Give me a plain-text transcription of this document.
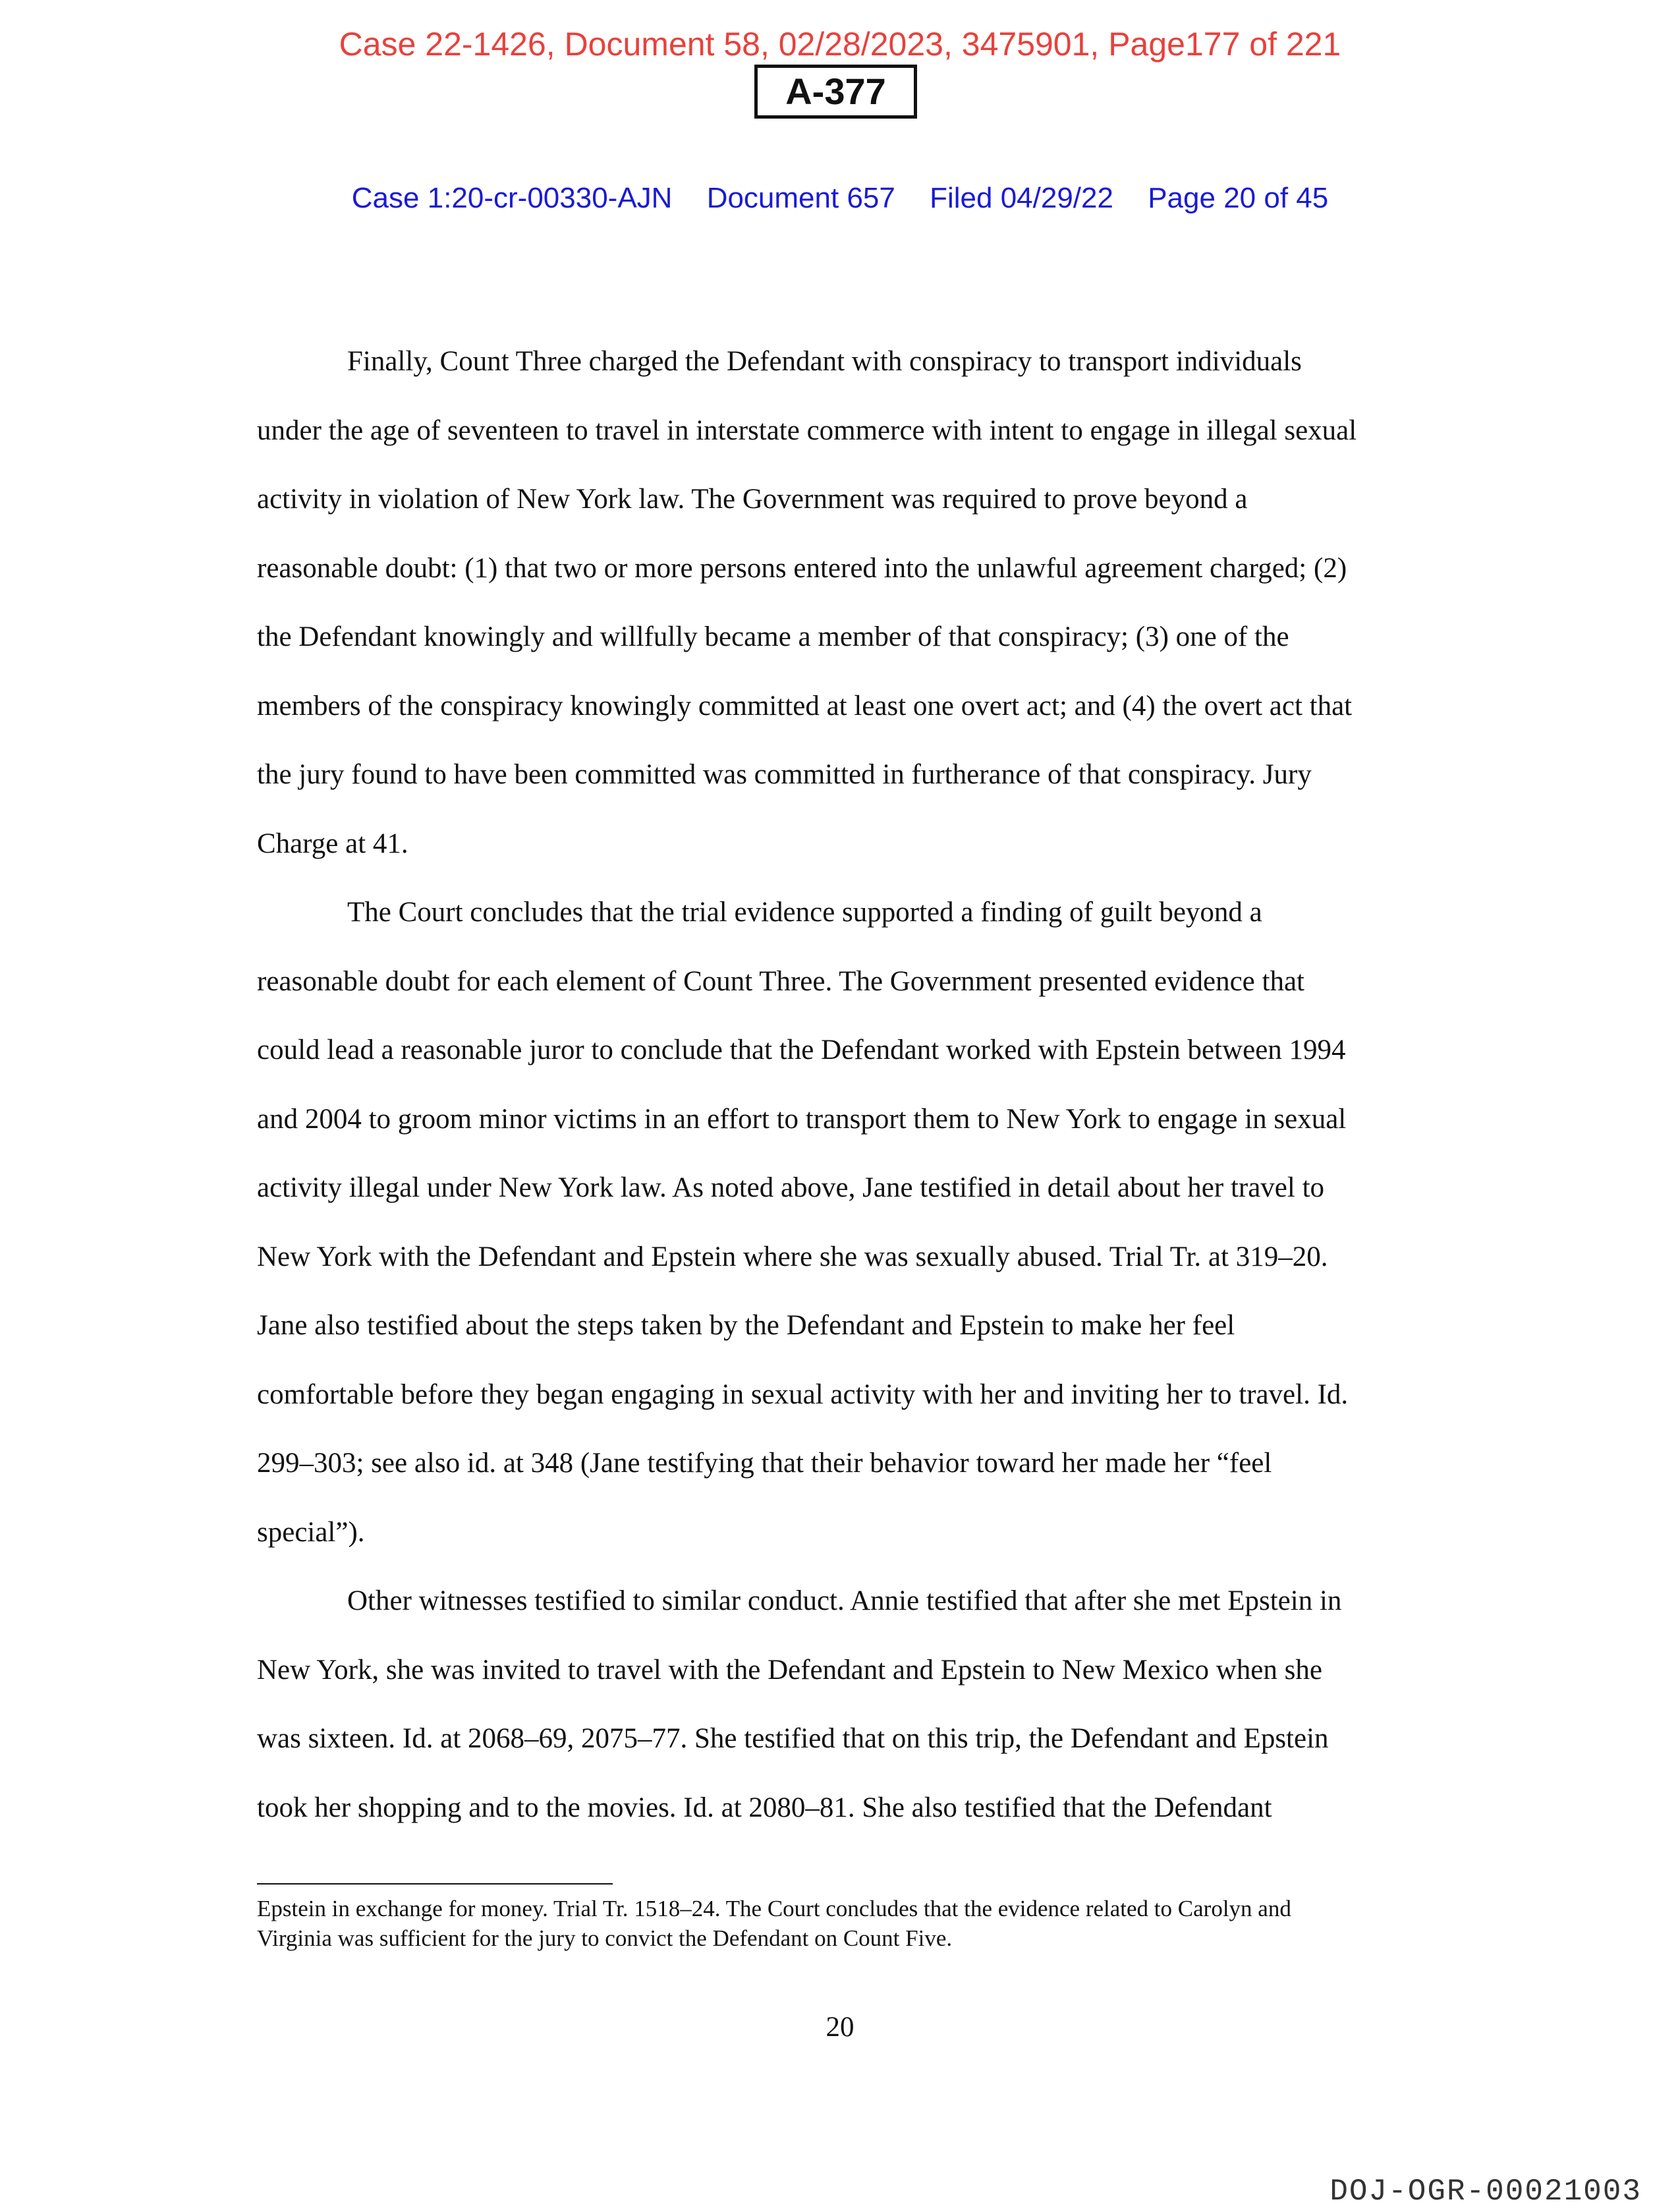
Case 22-1426, Document 58, 02/28/2023, 3475901, Page177 of 221
A-377
Case 1:20-cr-00330-AJN Document 657 Filed 04/29/22 Page 20 of 45

Finally, Count Three charged the Defendant with conspiracy to transport individuals
under the age of seventeen to travel in interstate commerce with intent to engage in illegal sexual
activity in violation of New York law. The Government was required to prove beyond a
reasonable doubt: (1) that two or more persons entered into the unlawful agreement charged; (2)
the Defendant knowingly and willfully became a member of that conspiracy; (3) one of the
members of the conspiracy knowingly committed at least one overt act; and (4) the overt act that
the jury found to have been committed was committed in furtherance of that conspiracy. Jury
Charge at 41.

The Court concludes that the trial evidence supported a finding of guilt beyond a
reasonable doubt for each element of Count Three. The Government presented evidence that
could lead a reasonable juror to conclude that the Defendant worked with Epstein between 1994
and 2004 to groom minor victims in an effort to transport them to New York to engage in sexual
activity illegal under New York law. As noted above, Jane testified in detail about her travel to
New York with the Defendant and Epstein where she was sexually abused. Trial Tr. at 319–20.
Jane also testified about the steps taken by the Defendant and Epstein to make her feel
comfortable before they began engaging in sexual activity with her and inviting her to travel. Id.
299–303; see also id. at 348 (Jane testifying that their behavior toward her made her “feel
special”).

Other witnesses testified to similar conduct. Annie testified that after she met Epstein in
New York, she was invited to travel with the Defendant and Epstein to New Mexico when she
was sixteen. Id. at 2068–69, 2075–77. She testified that on this trip, the Defendant and Epstein
took her shopping and to the movies. Id. at 2080–81. She also testified that the Defendant

Epstein in exchange for money. Trial Tr. 1518–24. The Court concludes that the evidence related to Carolyn and
Virginia was sufficient for the jury to convict the Defendant on Count Five.
20
DOJ-OGR-00021003
